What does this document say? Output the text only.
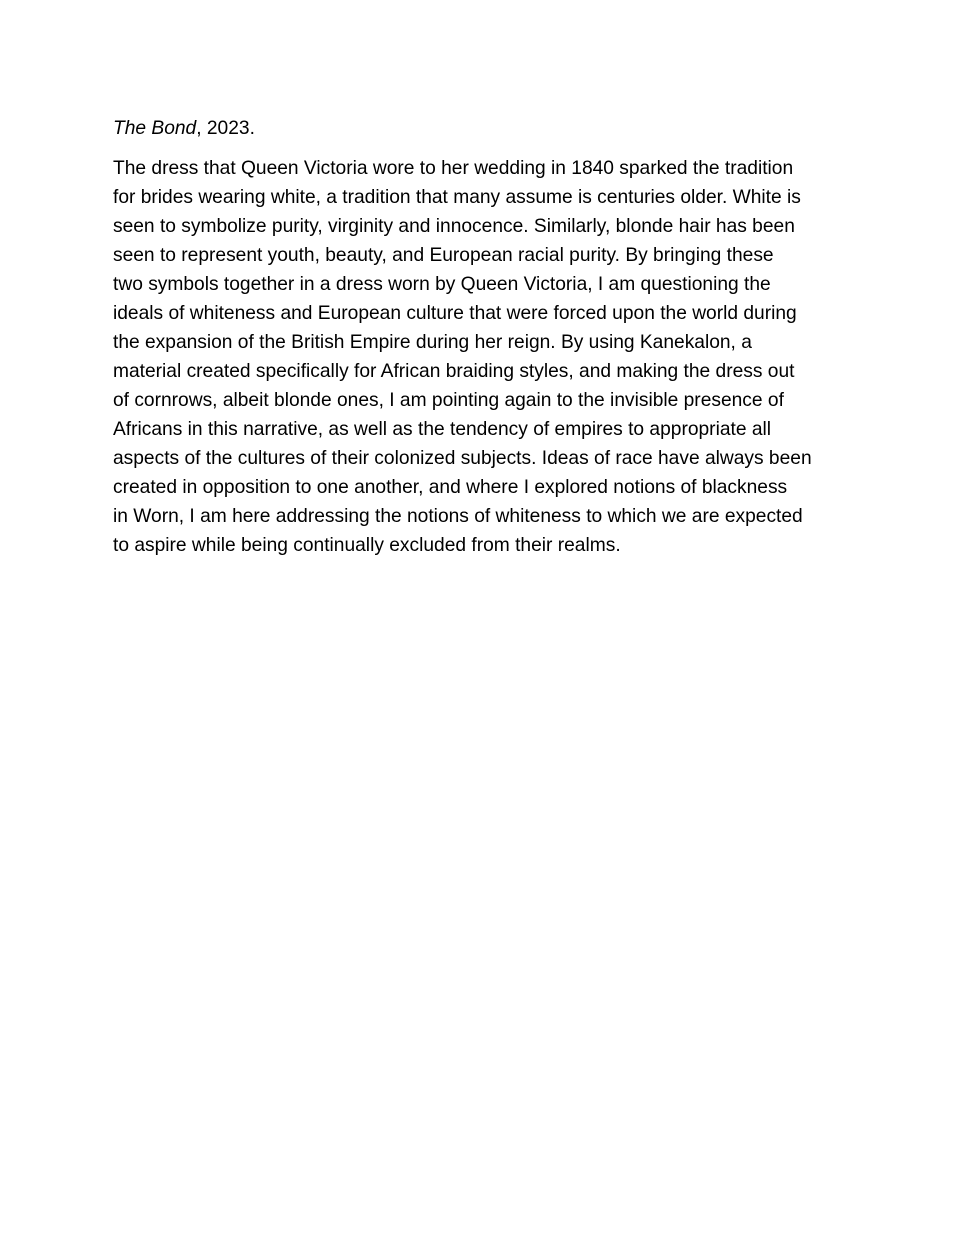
The Bond, 2023.

The dress that Queen Victoria wore to her wedding in 1840 sparked the tradition
for brides wearing white, a tradition that many assume is centuries older. White is
seen to symbolize purity, virginity and innocence. Similarly, blonde hair has been
seen to represent youth, beauty, and European racial purity. By bringing these
two symbols together in a dress worn by Queen Victoria, I am questioning the
ideals of whiteness and European culture that were forced upon the world during
the expansion of the British Empire during her reign. By using Kanekalon, a
material created specifically for African braiding styles, and making the dress out
of cornrows, albeit blonde ones, I am pointing again to the invisible presence of
Africans in this narrative, as well as the tendency of empires to appropriate all
aspects of the cultures of their colonized subjects. Ideas of race have always been
created in opposition to one another, and where I explored notions of blackness
in Worn, I am here addressing the notions of whiteness to which we are expected
to aspire while being continually excluded from their realms.
